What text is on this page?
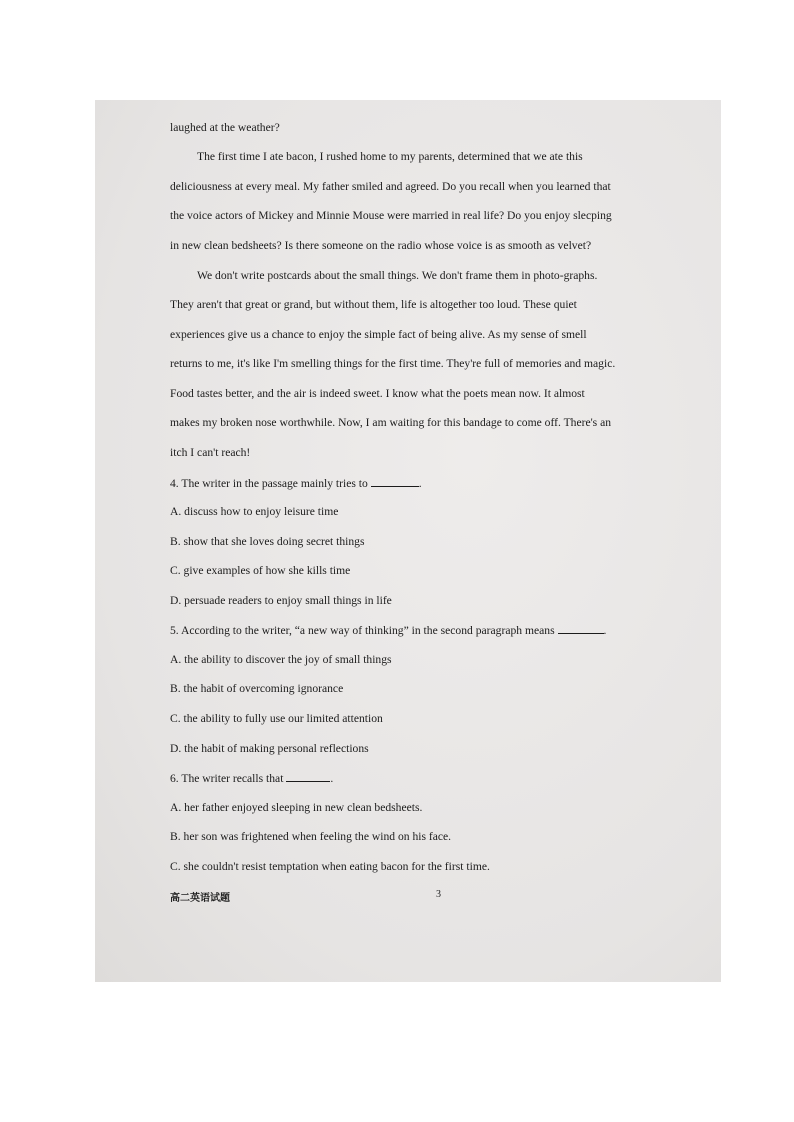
laughed at the weather?
The first time I ate bacon, I rushed home to my parents, determined that we ate this
deliciousness at every meal. My father smiled and agreed. Do you recall when you learned that
the voice actors of Mickey and Minnie Mouse were married in real life? Do you enjoy slecping
in new clean bedsheets? Is there someone on the radio whose voice is as smooth as velvet?
We don't write postcards about the small things. We don't frame them in photo-graphs.
They aren't that great or grand, but without them, life is altogether too loud. These quiet
experiences give us a chance to enjoy the simple fact of being alive. As my sense of smell
returns to me, it's like I'm smelling things for the first time. They're full of memories and magic.
Food tastes better, and the air is indeed sweet. I know what the poets mean now. It almost
makes my broken nose worthwhile. Now, I am waiting for this bandage to come off. There's an
itch I can't reach!
4. The writer in the passage mainly tries to	.
A. discuss how to enjoy leisure time
B. show that she loves doing secret things
C. give examples of how she kills time
D. persuade readers to enjoy small things in life
5. According to the writer, “a new way of thinking” in the second paragraph means	.
A. the ability to discover the joy of small things
B. the habit of overcoming ignorance
C. the ability to fully use our limited attention
D. the habit of making personal reflections
6. The writer recalls that	.
A. her father enjoyed sleeping in new clean bedsheets.
B. her son was frightened when feeling the wind on his face.
C. she couldn't resist temptation when eating bacon for the first time.
高二英语试题	3
